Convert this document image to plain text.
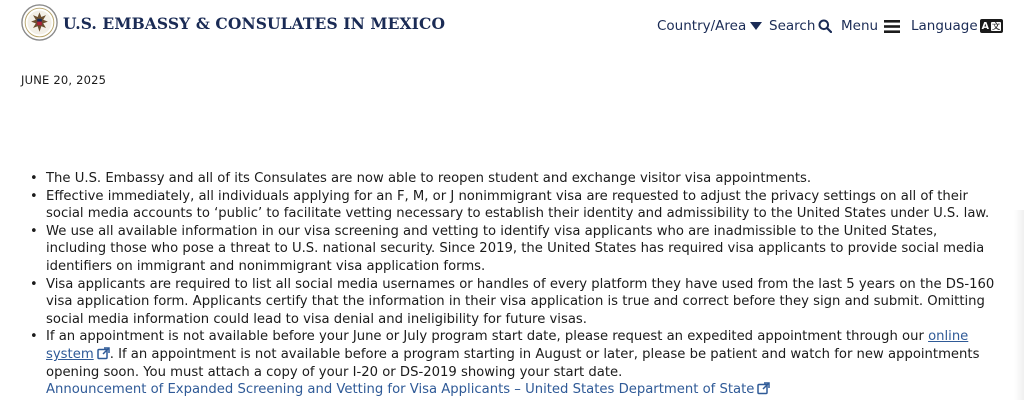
U.S. EMBASSY & CONSULATES IN MEXICO	Country/Area Search Menu Language A 文
JUNE 20, 2025
• The U.S. Embassy and all of its Consulates are now able to reopen student and exchange visitor visa appointments.
• Effective immediately, all individuals applying for an F, M, or J nonimmigrant visa are requested to adjust the privacy settings on all of their social media accounts to ‘public’ to facilitate vetting necessary to establish their identity and admissibility to the United States under U.S. law.
• We use all available information in our visa screening and vetting to identify visa applicants who are inadmissible to the United States, including those who pose a threat to U.S. national security. Since 2019, the United States has required visa applicants to provide social media identifiers on immigrant and nonimmigrant visa application forms.
• Visa applicants are required to list all social media usernames or handles of every platform they have used from the last 5 years on the DS-160 visa application form. Applicants certify that the information in their visa application is true and correct before they sign and submit. Omitting social media information could lead to visa denial and ineligibility for future visas.
• If an appointment is not available before your June or July program start date, please request an expedited appointment through our online system . If an appointment is not available before a program starting in August or later, please be patient and watch for new appointments opening soon. You must attach a copy of your I-20 or DS-2019 showing your start date.
Announcement of Expanded Screening and Vetting for Visa Applicants – United States Department of State
